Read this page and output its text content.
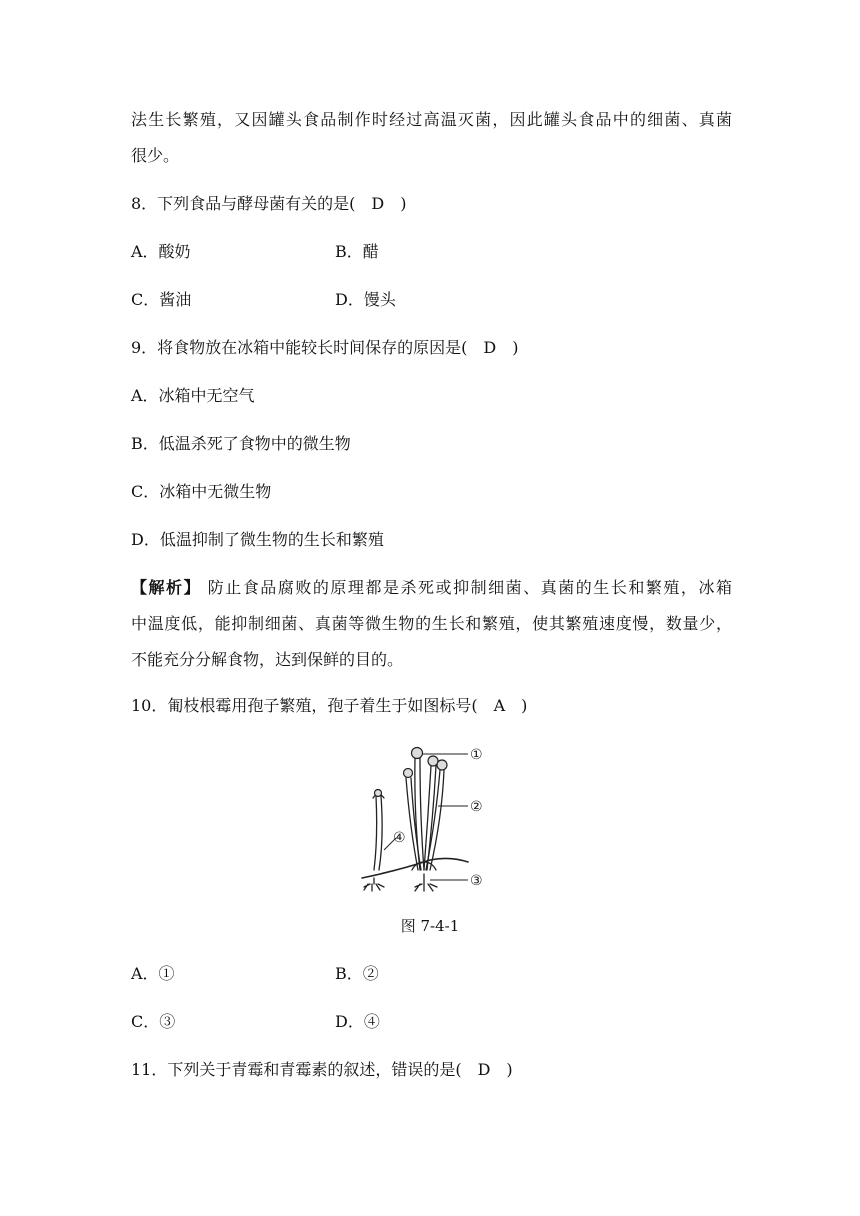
法生长繁殖，又因罐头食品制作时经过高温灭菌，因此罐头食品中的细菌、真菌
很少。
8．下列食品与酵母菌有关的是(　D　)
A．酸奶	B．醋
C．酱油	D．馒头
9．将食物放在冰箱中能较长时间保存的原因是(　D　)
A．冰箱中无空气
B．低温杀死了食物中的微生物
C．冰箱中无微生物
D．低温抑制了微生物的生长和繁殖
【解析】 防止食品腐败的原理都是杀死或抑制细菌、真菌的生长和繁殖，冰箱
中温度低，能抑制细菌、真菌等微生物的生长和繁殖，使其繁殖速度慢，数量少，
不能充分分解食物，达到保鲜的目的。
10．匍枝根霉用孢子繁殖，孢子着生于如图标号(　A　)
①
②
③
④
图 7-4-1
A．①	B．②
C．③	D．④
11．下列关于青霉和青霉素的叙述，错误的是(　D　)
